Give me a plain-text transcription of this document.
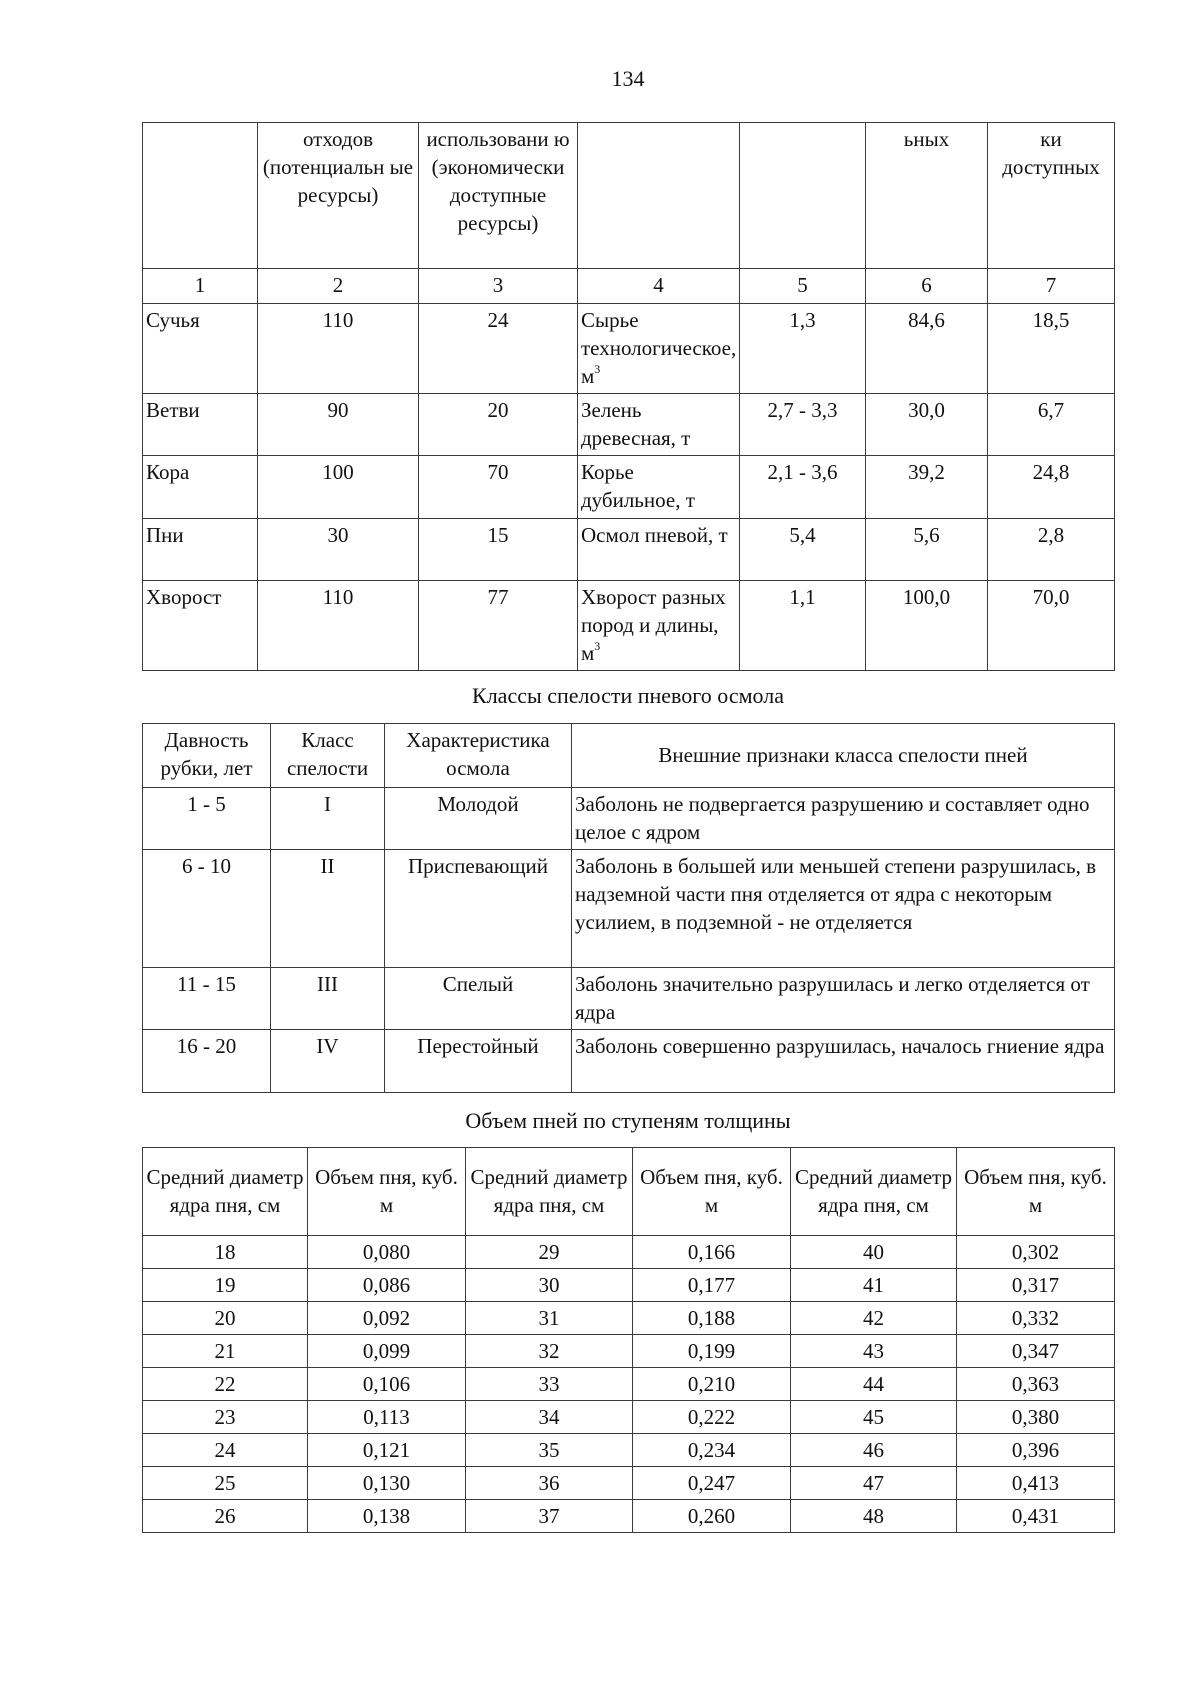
134
	отходов (потенциальн ые ресурсы)	использовани ю (экономически доступные ресурсы)			ьных	ки доступных
1	2	3	4	5	6	7
Сучья	110	24	Сырье технологическое, $м^3$	1,3	84,6	18,5
Ветви	90	20	Зелень древесная, т	2,7 - 3,3	30,0	6,7
Кора	100	70	Корье дубильное, т	2,1 - 3,6	39,2	24,8
Пни	30	15	Осмол пневой, т	5,4	5,6	2,8
Хворост	110	77	Хворост разных пород и длины, $м^3$	1,1	100,0	70,0
Классы спелости пневого осмола
Давность рубки, лет	Класс спелости	Характеристика осмола	Внешние признаки класса спелости пней
1 - 5	I	Молодой	Заболонь не подвергается разрушению и составляет одно целое с ядром
6 - 10	II	Приспевающий	Заболонь в большей или меньшей степени разрушилась, в надземной части пня отделяется от ядра с некоторым усилием, в подземной - не отделяется
11 - 15	III	Спелый	Заболонь значительно разрушилась и легко отделяется от ядра
16 - 20	IV	Перестойный	Заболонь совершенно разрушилась, началось гниение ядра
Объем пней по ступеням толщины
Средний диаметр ядра пня, см	Объем пня, куб. м	Средний диаметр ядра пня, см	Объем пня, куб. м	Средний диаметр ядра пня, см	Объем пня, куб. м
18	0,080	29	0,166	40	0,302
19	0,086	30	0,177	41	0,317
20	0,092	31	0,188	42	0,332
21	0,099	32	0,199	43	0,347
22	0,106	33	0,210	44	0,363
23	0,113	34	0,222	45	0,380
24	0,121	35	0,234	46	0,396
25	0,130	36	0,247	47	0,413
26	0,138	37	0,260	48	0,431
